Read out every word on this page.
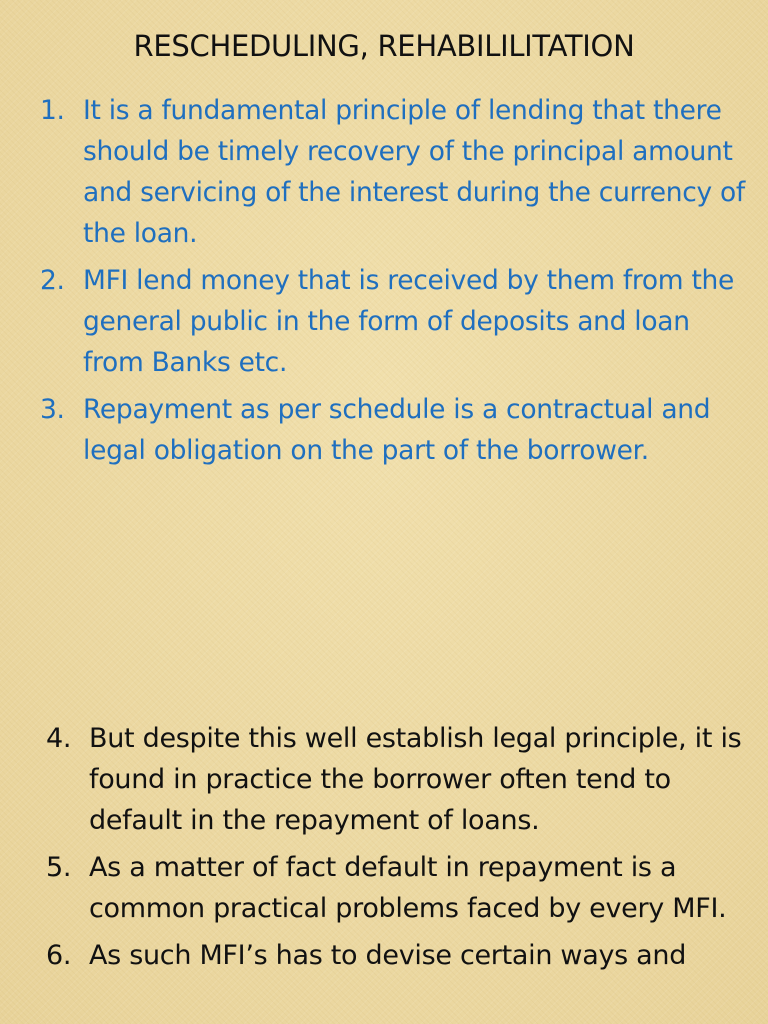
RESCHEDULING, REHABILILITATION
1. It is a fundamental principle of lending that there should be timely recovery of the principal amount and servicing of the interest during the currency of the loan.
2. MFI lend money that is received by them from the general public in the form of deposits and loan from Banks etc.
3. Repayment as per schedule is a contractual and legal obligation on the part of the borrower.
4. But despite this well establish legal principle, it is found in practice the borrower often tend to default in the repayment of loans.
5. As a matter of fact default in repayment is a common practical problems faced by every MFI.
6. As such MFI’s has to devise certain ways and
